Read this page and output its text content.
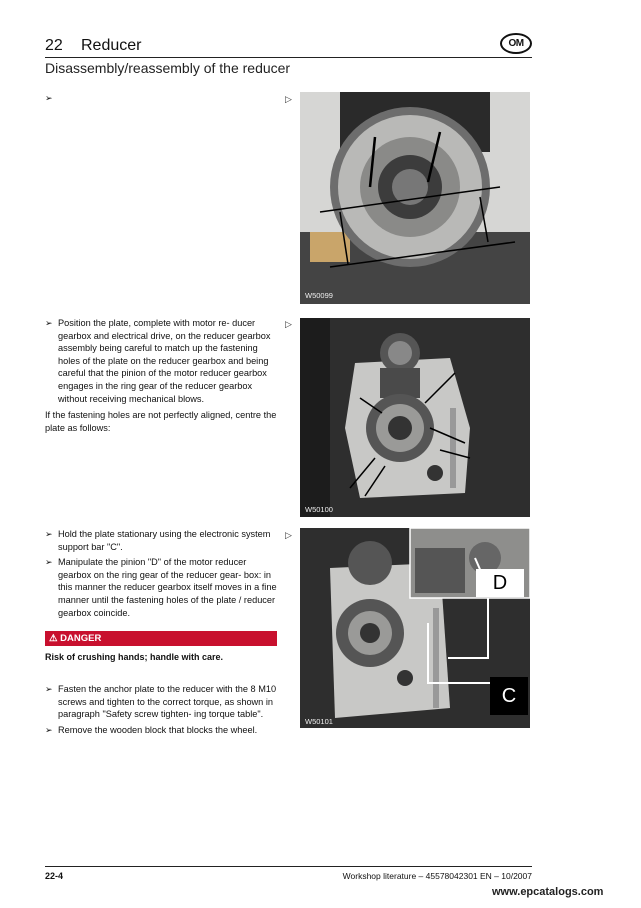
22 Reducer	OM
Disassembly/reassembly of the reducer
▷
W50099
➢ Position the plate, complete with motor re- ducer gearbox and electrical drive, on the reducer gearbox assembly being careful to match up the fastening holes of the plate on the reducer gearbox and being careful that the pinion of the motor reducer gearbox engages in the ring gear of the reducer gearbox without receiving mechanical blows.
If the fastening holes are not perfectly aligned, centre the plate as follows:
▷
W50100
➢ Hold the plate stationary using the electronic system support bar "C".
➢ Manipulate the pinion "D" of the motor reducer gearbox on the ring gear of the reducer gear- box: in this manner the reducer gearbox itself moves in a fine manner until the fastening holes of the plate / reducer gearbox coincide.
▷
⚠ DANGER
Risk of crushing hands; handle with care.
➢ Fasten the anchor plate to the reducer with the 8 M10 screws and tighten to the correct torque, as shown in paragraph "Safety screw tighten- ing torque table".
➢ Remove the wooden block that blocks the wheel.
D
C
W50101
22-4	Workshop literature – 45578042301 EN – 10/2007
www.epcatalogs.com
